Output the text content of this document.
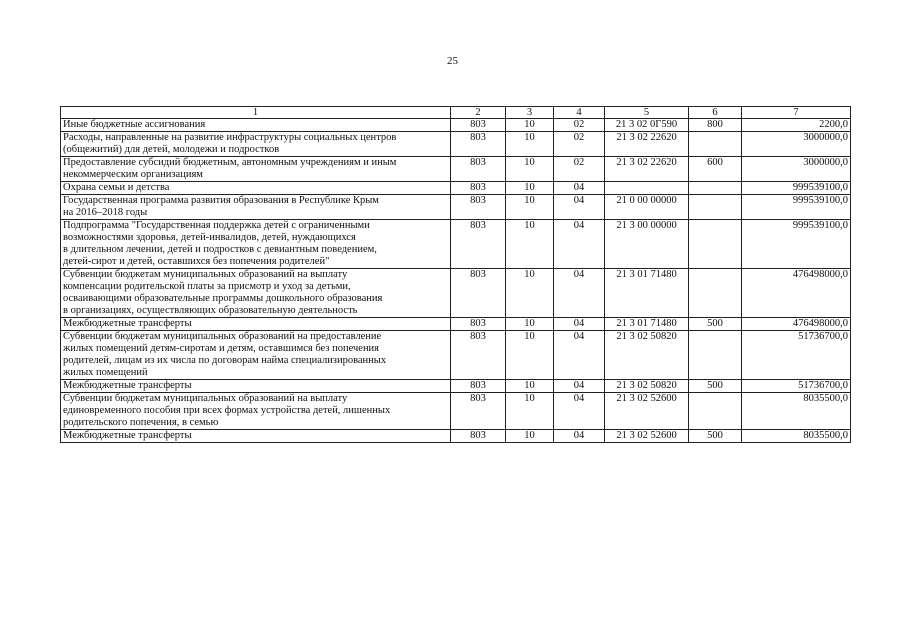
25
1	2	3	4	5	6	7

Иные бюджетные ассигнования	803	10	02	21 3 02 0Г590	800	2200,0

Расходы, направленные на развитие инфраструктуры социальных центров
(общежитий) для детей, молодежи и подростков	803	10	02	21 3 02 22620		3000000,0

Предоставление субсидий бюджетным, автономным учреждениям и иным
некоммерческим организациям	803	10	02	21 3 02 22620	600	3000000,0

Охрана семьи и детства	803	10	04			999539100,0

Государственная программа развития образования в Республике Крым
на 2016–2018 годы	803	10	04	21 0 00 00000		999539100,0

Подпрограмма "Государственная поддержка детей с ограниченными
возможностями здоровья, детей-инвалидов, детей, нуждающихся
в длительном лечении, детей и подростков с девиантным поведением,
детей-сирот и детей, оставшихся без попечения родителей"	803	10	04	21 3 00 00000		999539100,0

Субвенции бюджетам муниципальных образований на выплату
компенсации родительской платы за присмотр и уход за детьми,
осваивающими образовательные программы дошкольного образования
в организациях, осуществляющих образовательную деятельность	803	10	04	21 3 01 71480		476498000,0

Межбюджетные трансферты	803	10	04	21 3 01 71480	500	476498000,0

Субвенции бюджетам муниципальных образований на предоставление
жилых помещений детям-сиротам и детям, оставшимся без попечения
родителей, лицам из их числа по договорам найма специализированных
жилых помещений	803	10	04	21 3 02 50820		51736700,0

Межбюджетные трансферты	803	10	04	21 3 02 50820	500	51736700,0

Субвенции бюджетам муниципальных образований на выплату
единовременного пособия при всех формах устройства детей, лишенных
родительского попечения, в семью	803	10	04	21 3 02 52600		8035500,0

Межбюджетные трансферты	803	10	04	21 3 02 52600	500	8035500,0
